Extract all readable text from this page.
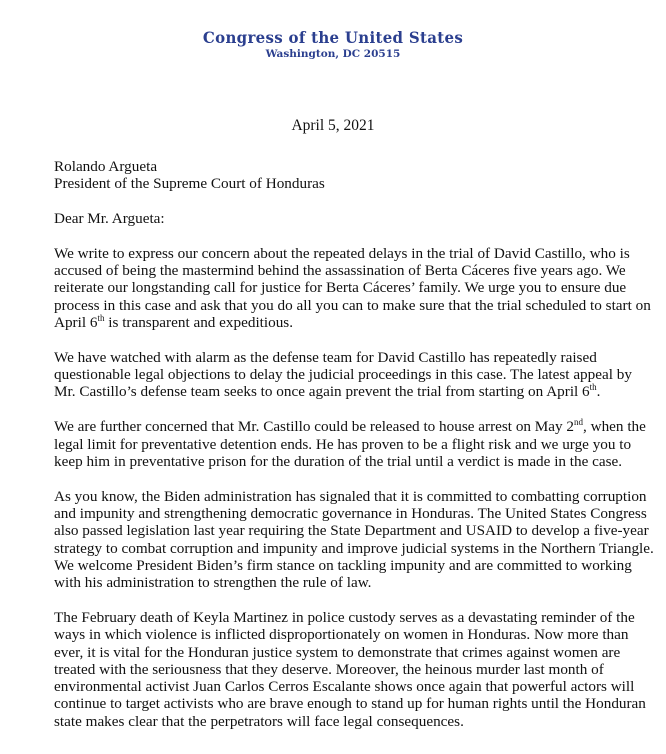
Congress of the United States
Washington, DC 20515
April 5, 2021

Rolando Argueta

President of the Supreme Court of Honduras

Dear Mr. Argueta:

We write to express our concern about the repeated delays in the trial of David Castillo, who is accused of being the mastermind behind the assassination of Berta Cáceres five years ago. We reiterate our longstanding call for justice for Berta Cáceres’ family. We urge you to ensure due process in this case and ask that you do all you can to make sure that the trial scheduled to start on April 6th is transparent and expeditious.

We have watched with alarm as the defense team for David Castillo has repeatedly raised questionable legal objections to delay the judicial proceedings in this case. The latest appeal by Mr. Castillo’s defense team seeks to once again prevent the trial from starting on April 6th.

We are further concerned that Mr. Castillo could be released to house arrest on May 2nd, when the legal limit for preventative detention ends. He has proven to be a flight risk and we urge you to keep him in preventative prison for the duration of the trial until a verdict is made in the case.

As you know, the Biden administration has signaled that it is committed to combatting corruption and impunity and strengthening democratic governance in Honduras. The United States Congress also passed legislation last year requiring the State Department and USAID to develop a five-year strategy to combat corruption and impunity and improve judicial systems in the Northern Triangle. We welcome President Biden’s firm stance on tackling impunity and are committed to working with his administration to strengthen the rule of law.

The February death of Keyla Martinez in police custody serves as a devastating reminder of the ways in which violence is inflicted disproportionately on women in Honduras. Now more than ever, it is vital for the Honduran justice system to demonstrate that crimes against women are treated with the seriousness that they deserve. Moreover, the heinous murder last month of environmental activist Juan Carlos Cerros Escalante shows once again that powerful actors will continue to target activists who are brave enough to stand up for human rights until the Honduran state makes clear that the perpetrators will face legal consequences.
